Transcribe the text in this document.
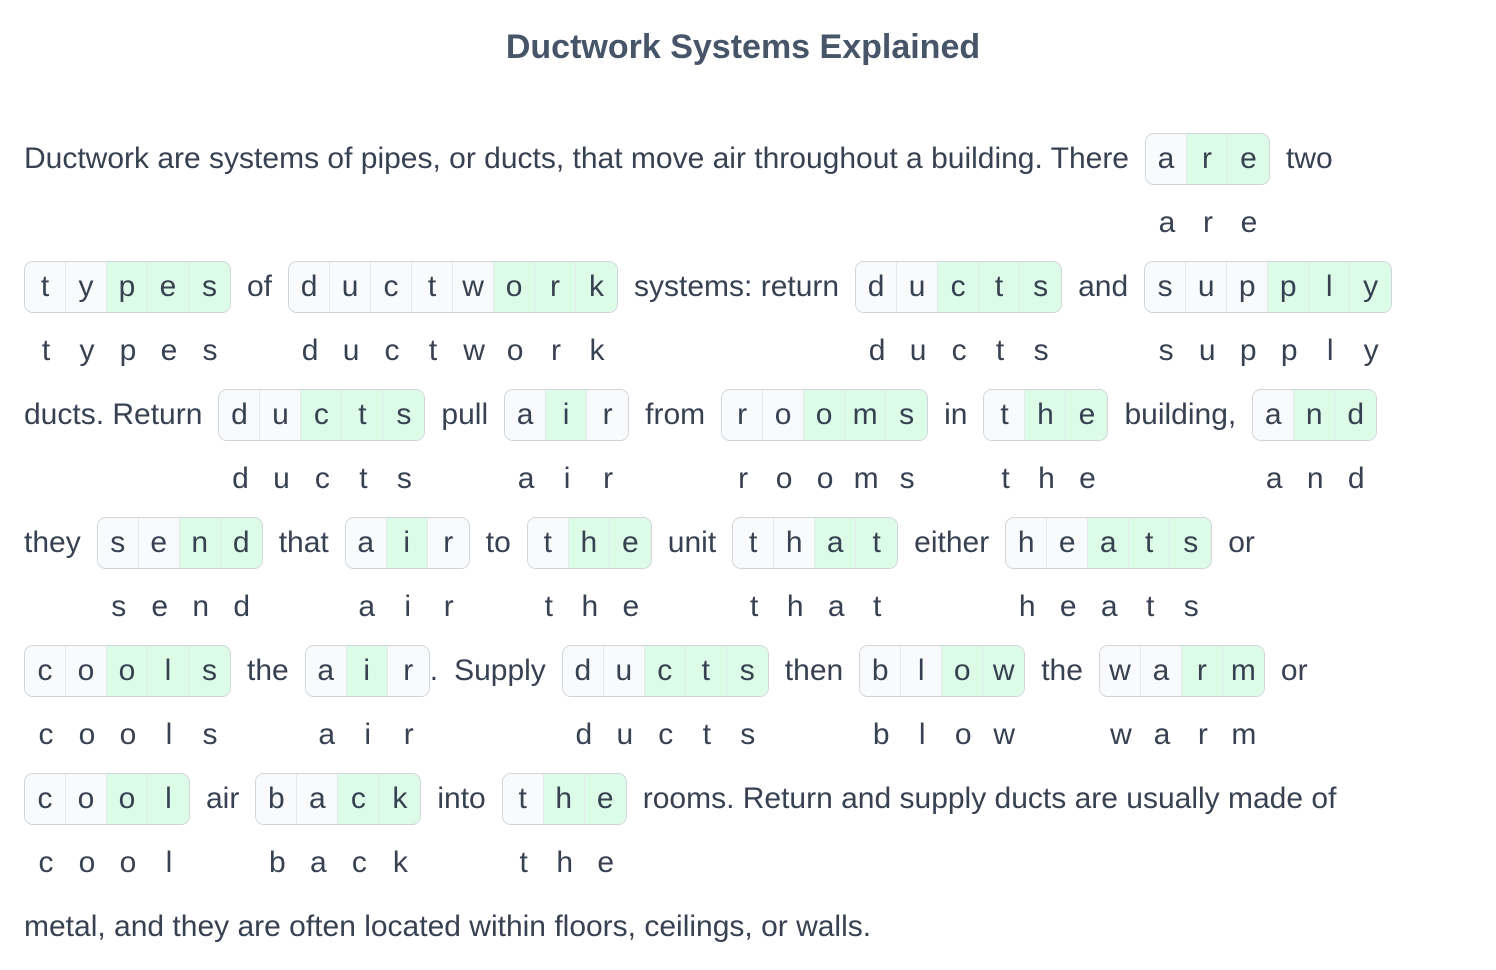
Ductwork Systems Explained
Ductwork are systems of pipes, or ducts, that move air throughout a building. There
a
r
e	two
t
y
p
e
s
of
d
u
c
t
w
o
r
k	systems: return
d
u
c
t
s	and
s
u
p
p
l
y
ducts. Return
d
u
c
t
s	pull
a
i
r	from
r
o
o
m
s	in
t
h
e	building,
a
n
d
they
s
e
n
d	that
a
i
r	to
t
h
e	unit
t
h
a
t	either
h
e
a
t
s	or
c
o
o
l
s
the
a
i
r	. Supply
d
u
c
t
s	then
b
l
o
w	the
w
a
r
m	or
c
o
o
l
air
b
a
c
k	into
t
h
e	rooms. Return and supply ducts are usually made of
metal, and they are often located within floors, ceilings, or walls.
a r e
t y p e s	d u c t w o r k	d u c t s	s u p p l	y
d u c t s	a i	r	r o o m s	t h e	a n d
s e n d	a i	r	t h e	t h a t	h e a t s
c o o l	s	a i	r	d u c t s	b l o w	w a r m
c o o l	b a c k	t h e
